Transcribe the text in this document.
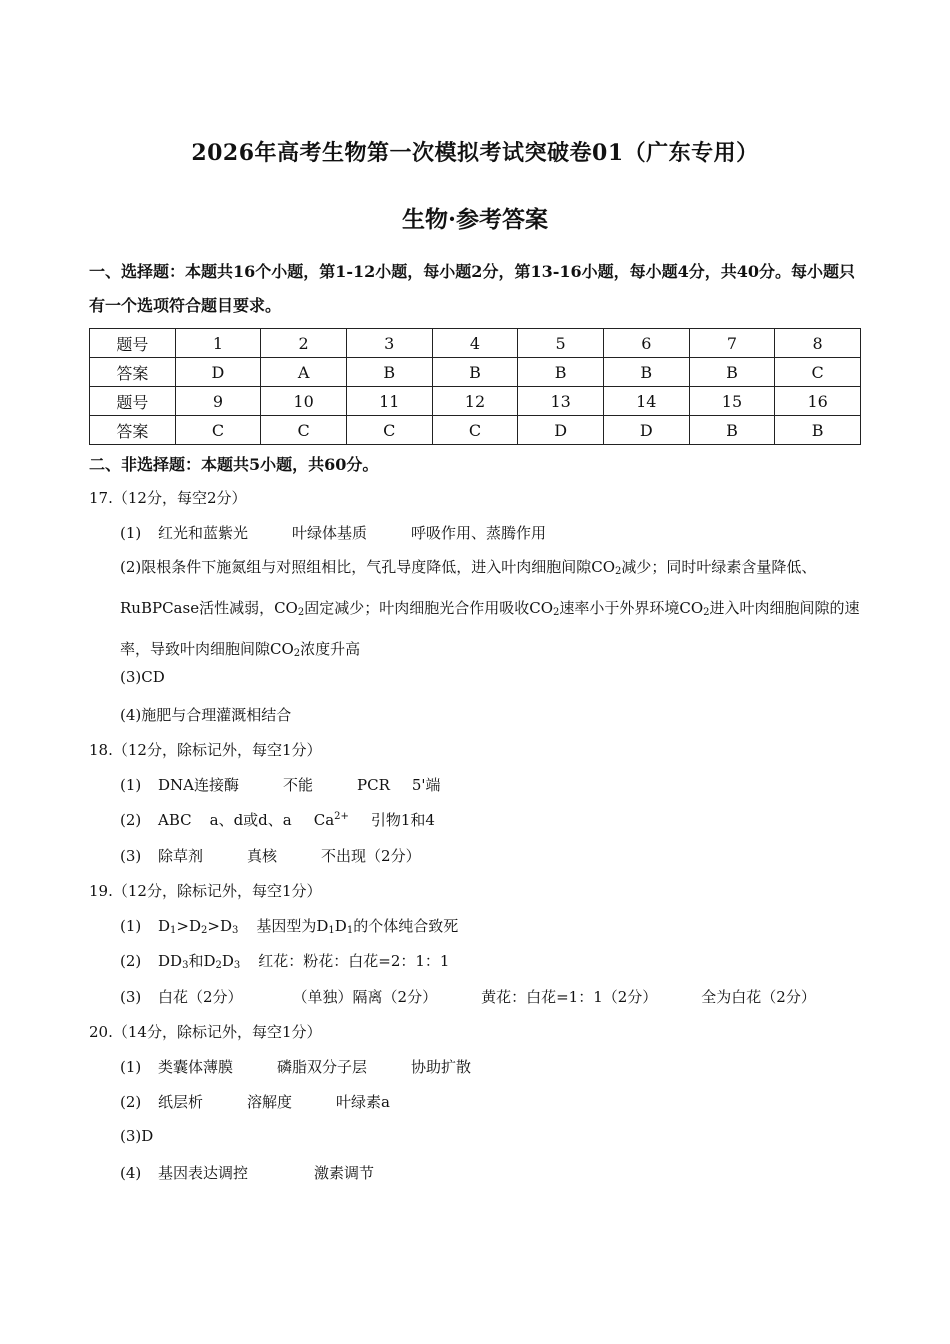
2026年高考生物第一次模拟考试突破卷01（广东专用）
生物·参考答案
一、选择题：本题共16个小题，第1-12小题，每小题2分，第13-16小题，每小题4分，共40分。每小题只有一个选项符合题目要求。
题号	1	2	3	4	5	6	7	8
答案	D	A	B	B	B	B	B	C
题号	9	10	11	12	13	14	15	16
答案	C	C	C	C	D	D	B	B
二、非选择题：本题共5小题，共60分。
17.（12分，每空2分）
(1) 红光和蓝紫光	叶绿体基质	呼吸作用、蒸腾作用
(2)限根条件下施氮组与对照组相比，气孔导度降低，进入叶肉细胞间隙$CO_2$减少；同时叶绿素含量降低、RuBPCase活性减弱，$CO_2$固定减少；叶肉细胞光合作用吸收$CO_2$速率小于外界环境$CO_2$进入叶肉细胞间隙的速率，导致叶肉细胞间隙$CO_2$浓度升高
(3)CD
(4)施肥与合理灌溉相结合
18.（12分，除标记外，每空1分）
(1) DNA连接酶	不能	PCR 5'端
(2) ABC a、d或d、a $Ca^{2+}$ 引物1和4
(3) 除草剂	真核	不出现（2分）
19.（12分，除标记外，每空1分）
(1) $D_1>D_2>D_3$ 基因型为$D_1D_1$的个体纯合致死
(2) $DD_3$和$D_2D_3$ 红花：粉花：白花=2：1：1
(3) 白花（2分）	（单独）隔离（2分）	黄花：白花=1：1（2分）	全为白花（2分）
20.（14分，除标记外，每空1分）
(1) 类囊体薄膜	磷脂双分子层	协助扩散
(2) 纸层析	溶解度	叶绿素a
(3)D
(4) 基因表达调控	激素调节
